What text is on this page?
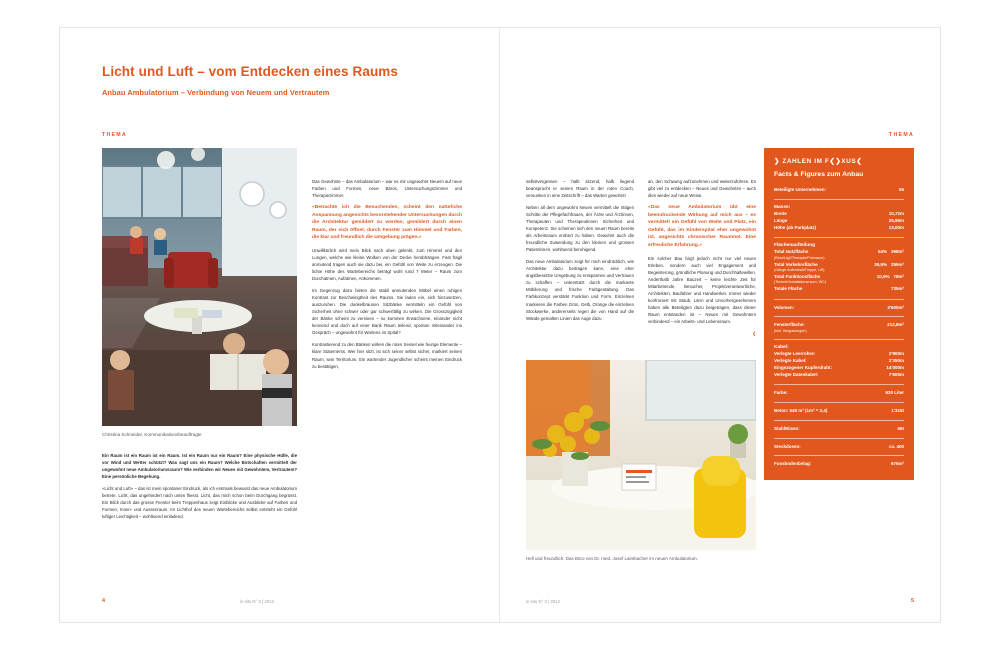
Licht und Luft – vom Entdecken eines Raums
Anbau Ambulatorium – Verbindung von Neuem und Vertrautem
THEMA
Christina Schneider, Kommunikationsbeauftragte

Ein Raum ist ein Raum ist ein Raum. Ist ein Raum nur ein Raum? Eine physische Hülle, die vor Wind und Wetter schützt? Was sagt uns ein Raum? Welche Botschaften vermittelt der ungewohnt neue Ambulatoriumsraum? Wie verbinden wir Neues mit Gewohntem, Vertrautem? Eine persönliche Begehung.

«Licht und Luft» – das ist mein spontaner Eindruck, als ich erstmals bewusst das neue Ambulatorium betrete. Licht, das ungehindert nach unten fliesst. Licht, das mich schon beim Durchgang begrüsst. Ein Blick durch das grosse Fenster beim Treppenhaus zeigt Einblicke und Ausblicke auf Farben und Formen, Innen- und Aussenraum. Im Lichthof des neuen Wartebereichs selbst entsteht ein Gefühl luftiger Leichtigkeit – wohltuend einladend.

Das Gewohnte – das Ambulatorium – war es mir ungewohnt Neuem auf neue Farben und Formen, neue Bäros, Untersuchungszimmer und Therapiezimmer.

«Betrachte ich die Besuchenden, scheint den natürliche Anspannung angesichts bevorstehender Untersuchungen durch die Architektur gemildert zu werden, gemildert durch einen Raum, der sich öffnet, durch Fenster zum Himmel und Farben, die klar und freundlich die Umgebung prägen.»

Unwillkürlich wird mein Blick nach oben gelenkt, zum Himmel und den Lungen, welche wie kleine Wolken von der Decke herabhängen. Fast fragil anmutend tragen auch sie dazu bei, ein Gefühl von Weite zu erzeugen. Die lichte Höhe des Wartebereichs beträgt wohl rund 7 Meter – Raum zum Durchatmen, Aufatmen, Ankommen.

Im Gegenzug dazu bieten die stabil anmutenden Möbel einen ruhigen Kontrast zur Beschwingtheit des Raums. Sie laden ein, sich hinzusetzen, auszuruhen. Die dunkelbraunen Sitzbänke vermitteln ein Gefühl von Sicherheit ohne schwer oder gar schwerfällig zu wirken. Die Grosszügigkeit der Bänke scheint zu versinen – so kommen Erwachsene, einander nicht kennend und doch auf einer Bank Raum teilend, spontan miteinander ins Gespräch – ungewohnt für Wartens im Spital?

Kontrastierend zu den Bänken wirken die roten Sessel wie feurige Elemente – klare Statements. Wer hier sitzt, ist sich seiner selbst sicher, markiert seinen Raum, sein Territorium. Ein wartender Jugendlicher scheint meinen Eindruck zu bestätigen,

4	in situ N° 3 | 2012
THEMA

selbstvergessen – halb sitzend, halb liegend beansprucht er seinen Raum in der roten Couch, versunken in eine Zeitschrift – das Warten gewohnt!

Neben all dem ungewohnt Neuen vermittelt die rätigen Schritte der Pflegefachfrauen, der Ärzte und Ärztinnen, Therapeuten und Therapeutinnen Sicherheit und Kompetenz. Sie scheinen sich den neuen Raum bereits als Arbeitsraum erobert zu haben. Gewohnt auch die freundliche Zuwendung zu den kleinen und grossen Patientinnen, wohltuend beruhigend.

Das neue Ambulatorium zeigt für mich eindrücklich, wie Architektur dazu beitragen kann, eine eher angstbesetzte Umgebung zu entspannen und Vertrauen zu schaffen – unterstützt durch die markante Möblierung und frische Farbgestaltung. Das Farbkonzept verstärkt Funktion und Form. Einzelnen markieren die Farben Grün, Gelb, Orange die einzelnen Stockwerke, andererseits regen die von Hand auf die Wände gemalten Linien das Auge dazu

an, den Schwung aufzunehmen und weiterzuführen. Es gibt viel zu entdecken – Neues und Gewohntes – auch dies wieder auf neue Weise.

«Das neue Ambulatorium übt eine beeindruckende Wirkung auf mich aus – es vermittelt ein Gefühl von Weite und Platz, ein Gefühl, das im Kinderspital eher ungewohnt ist, angesichts chronischer Raumnot. Eine erfreuliche Erfahrung.»

Ein solcher Bau birgt jedoch nicht nur viel neues Erleben, sondern auch viel Engagement und Begeisterung, gründliche Planung und Durchhaltewillen. Anderthalb Jahre Bauzeit – keine leichte Zeit für Mitarbeitende, Besucher, Projektverantwortliche, Architekten, Baufahrer und Handwerker. Immer wieder konfroniert mit Staub, Lärm und Unvorhergesehenem haben alle Beteiligten dazu beigetragen, dass dieser Raum entstanden ist – Neues mit Gewohntem verbindend – ein Arbeits- und Lebensraum.

❮

Hell und freundlich: Das Büro von Dr. med. Josef Laimbacher im neuen Ambulatorium.
❯ ZAHLEN IM F❮❯XUS❮
Facts & Figures zum Anbau
Beteiligte Unternehmen:	56
Masse:
Breite	10,72m
Länge	25,95m
Höhe (ab Parkplatz)	13,00m
Flächenaufteilung
Total Nutzfläche	54% 398m²
(Büro/Ug2/Therapie/Putzraum)
Total Verkehrsfläche	35,5% 259m²
(Gänge Aufenthalt/Treppe, Lift)
Total Funktionsfläche	10,5% 78m²
(Technik/Installationsraum, WC)
Totale Fläche	735m²
Volumen:	3'600m³
Fensterfläche:	212,8m²
(inkl. Verglasungen)
Kabel:
Verlegte Leerrohre:	2'900m
Verlegte Kabel:	2'350m
Eingezogener Kupferdraht:	14'000m
Verlegte Datenkabel:	7'600m
Farbe:	620 Liter
Beton: 548 m³ (1m³ = 2,4)	1'315t
Stahl/Eisen:	65t
Steckdosen:	ca. 400
Fussbodenbelag:	675m²
5
in situ N° 3 | 2012
